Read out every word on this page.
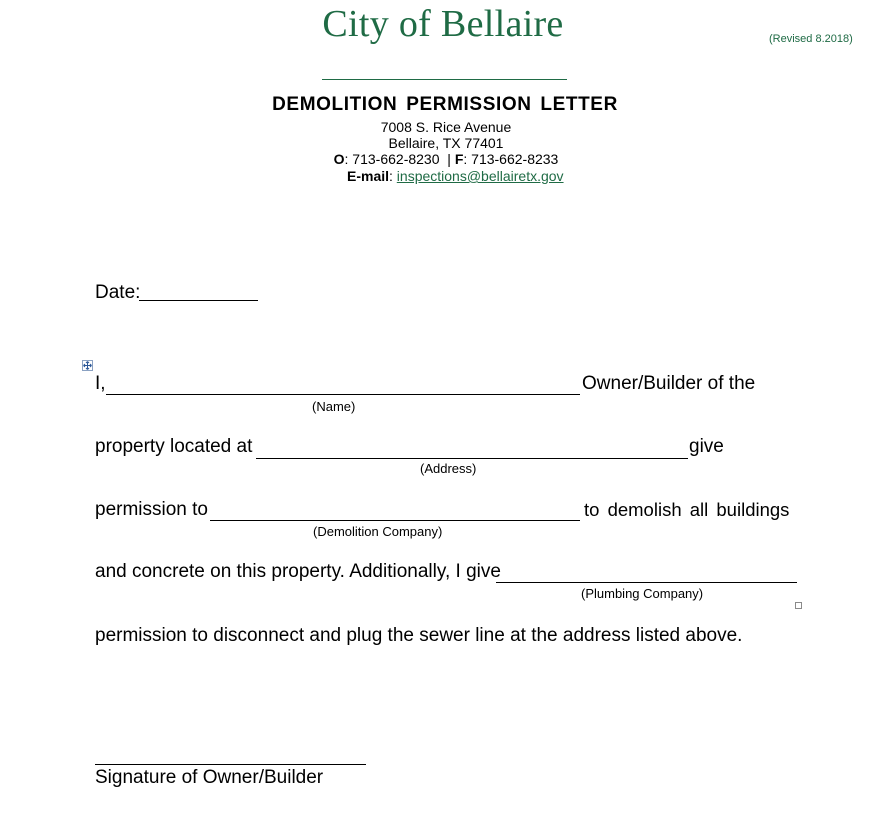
City of Bellaire	(Revised 8.2018)
DEMOLITION PERMISSION LETTER
7008 S. Rice Avenue
Bellaire, TX 77401
O: 713-662-8230 | F: 713-662-8233
E-mail: inspections@bellairetx.gov
Date:
I,	Owner/Builder of the
(Name)
property located at	give
(Address)
permission to	to demolish all buildings
(Demolition Company)
and concrete on this property. Additionally, I give
(Plumbing Company)
permission to disconnect and plug the sewer line at the address listed above.
Signature of Owner/Builder
